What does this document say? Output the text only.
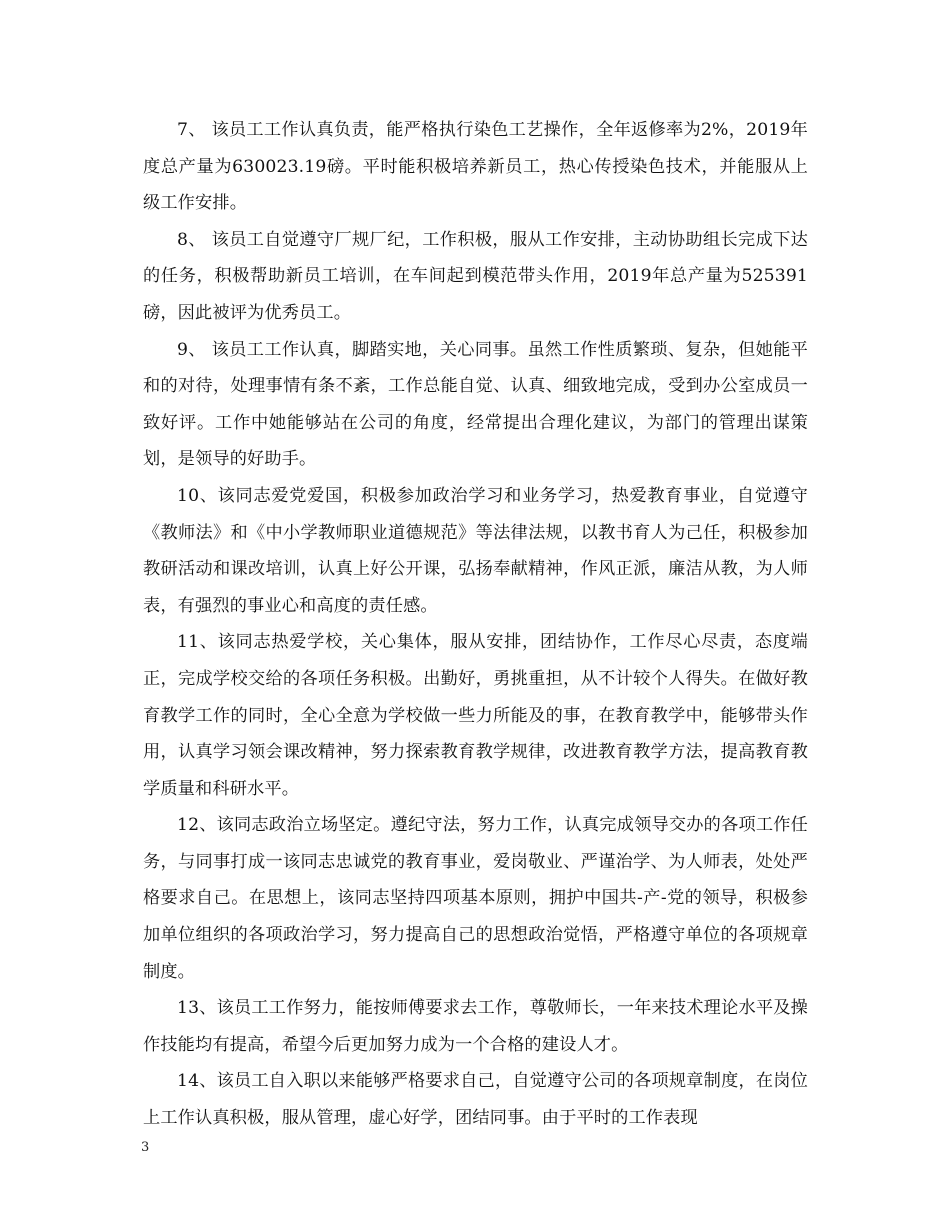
7、 该员工工作认真负责，能严格执行染色工艺操作，全年返修率为2%，2019年度总产量为630023.19磅。平时能积极培养新员工，热心传授染色技术，并能服从上级工作安排。

8、 该员工自觉遵守厂规厂纪，工作积极，服从工作安排，主动协助组长完成下达的任务，积极帮助新员工培训，在车间起到模范带头作用，2019年总产量为525391磅，因此被评为优秀员工。

9、 该员工工作认真，脚踏实地，关心同事。虽然工作性质繁琐、复杂，但她能平和的对待，处理事情有条不紊，工作总能自觉、认真、细致地完成，受到办公室成员一致好评。工作中她能够站在公司的角度，经常提出合理化建议，为部门的管理出谋策划，是领导的好助手。

10、该同志爱党爱国，积极参加政治学习和业务学习，热爱教育事业，自觉遵守《教师法》和《中小学教师职业道德规范》等法律法规，以教书育人为己任，积极参加教研活动和课改培训，认真上好公开课，弘扬奉献精神，作风正派，廉洁从教，为人师表，有强烈的事业心和高度的责任感。

11、该同志热爱学校，关心集体，服从安排，团结协作，工作尽心尽责，态度端正，完成学校交给的各项任务积极。出勤好，勇挑重担，从不计较个人得失。在做好教育教学工作的同时，全心全意为学校做一些力所能及的事，在教育教学中，能够带头作用，认真学习领会课改精神，努力探索教育教学规律，改进教育教学方法，提高教育教学质量和科研水平。

12、该同志政治立场坚定。遵纪守法，努力工作，认真完成领导交办的各项工作任务，与同事打成一该同志忠诚党的教育事业，爱岗敬业、严谨治学、为人师表，处处严格要求自己。在思想上，该同志坚持四项基本原则，拥护中国共-产-党的领导，积极参加单位组织的各项政治学习，努力提高自己的思想政治觉悟，严格遵守单位的各项规章制度。

13、该员工工作努力，能按师傅要求去工作，尊敬师长，一年来技术理论水平及操作技能均有提高，希望今后更加努力成为一个合格的建设人才。

14、该员工自入职以来能够严格要求自己，自觉遵守公司的各项规章制度，在岗位上工作认真积极，服从管理，虚心好学，团结同事。由于平时的工作表现

3
